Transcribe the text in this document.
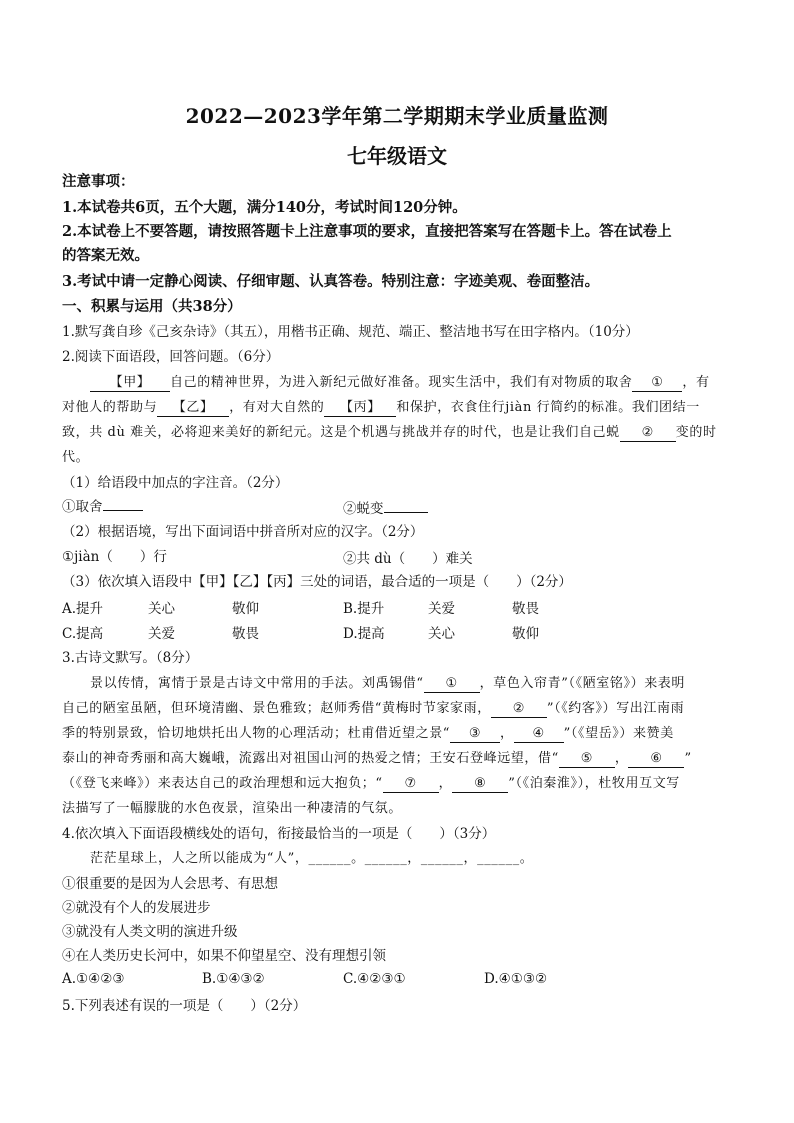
2022—2023学年第二学期期末学业质量监测
七年级语文
注意事项：
1.本试卷共6页，五个大题，满分140分，考试时间120分钟。
2.本试卷上不要答题，请按照答题卡上注意事项的要求，直接把答案写在答题卡上。答在试卷上
的答案无效。
3.考试中请一定静心阅读、仔细审题、认真答卷。特别注意：字迹美观、卷面整洁。
一、积累与运用（共38分）
1.默写龚自珍《己亥杂诗》（其五），用楷书正确、规范、端正、整洁地书写在田字格内。（10分）
2.阅读下面语段，回答问题。（6分）
【甲】 自己的精神世界，为进入新纪元做好准备。现实生活中，我们有对物质的取舍 ① ，有
对他人的帮助与 【乙】 ，有对大自然的 【丙】 和保护，衣食住行jiàn 行简约的标准。我们团结一
致，共 dù 难关，必将迎来美好的新纪元。这是个机遇与挑战并存的时代，也是让我们自己蜕 ② 变的时
代。
（1）给语段中加点的字注音。（2分）
①取舍	②蜕变
（2）根据语境，写出下面词语中拼音所对应的汉字。（2分）
①jiàn（　　）行	②共 dù（　　）难关
（3）依次填入语段中【甲】【乙】【丙】三处的词语，最合适的一项是（　　）（2分）
A.提升	关心	敬仰	B.提升	关爱	敬畏
C.提高	关爱	敬畏	D.提高	关心	敬仰
3.古诗文默写。（8分）
景以传情，寓情于景是古诗文中常用的手法。刘禹锡借“ ① ，草色入帘青”（《陋室铭》）来表明
自己的陋室虽陋，但环境清幽、景色雅致；赵师秀借“黄梅时节家家雨， ② ”（《约客》）写出江南雨
季的特别景致，恰切地烘托出人物的心理活动；杜甫借近望之景“ ③ ， ④ ”（《望岳》）来赞美
泰山的神奇秀丽和高大巍峨，流露出对祖国山河的热爱之情；王安石登峰远望，借“ ⑤ ， ⑥ ”
（《登飞来峰》）来表达自己的政治理想和远大抱负；“ ⑦ ， ⑧ ”（《泊秦淮》），杜牧用互文写
法描写了一幅朦胧的水色夜景，渲染出一种凄清的气氛。
4.依次填入下面语段横线处的语句，衔接最恰当的一项是（　　）（3分）
茫茫星球上，人之所以能成为“人”，______。______，______，______。
①很重要的是因为人会思考、有思想
②就没有个人的发展进步
③就没有人类文明的演进升级
④在人类历史长河中，如果不仰望星空、没有理想引领
A.①④②③	B.①④③②	C.④②③①	D.④①③②
5.下列表述有误的一项是（　　）（2分）
